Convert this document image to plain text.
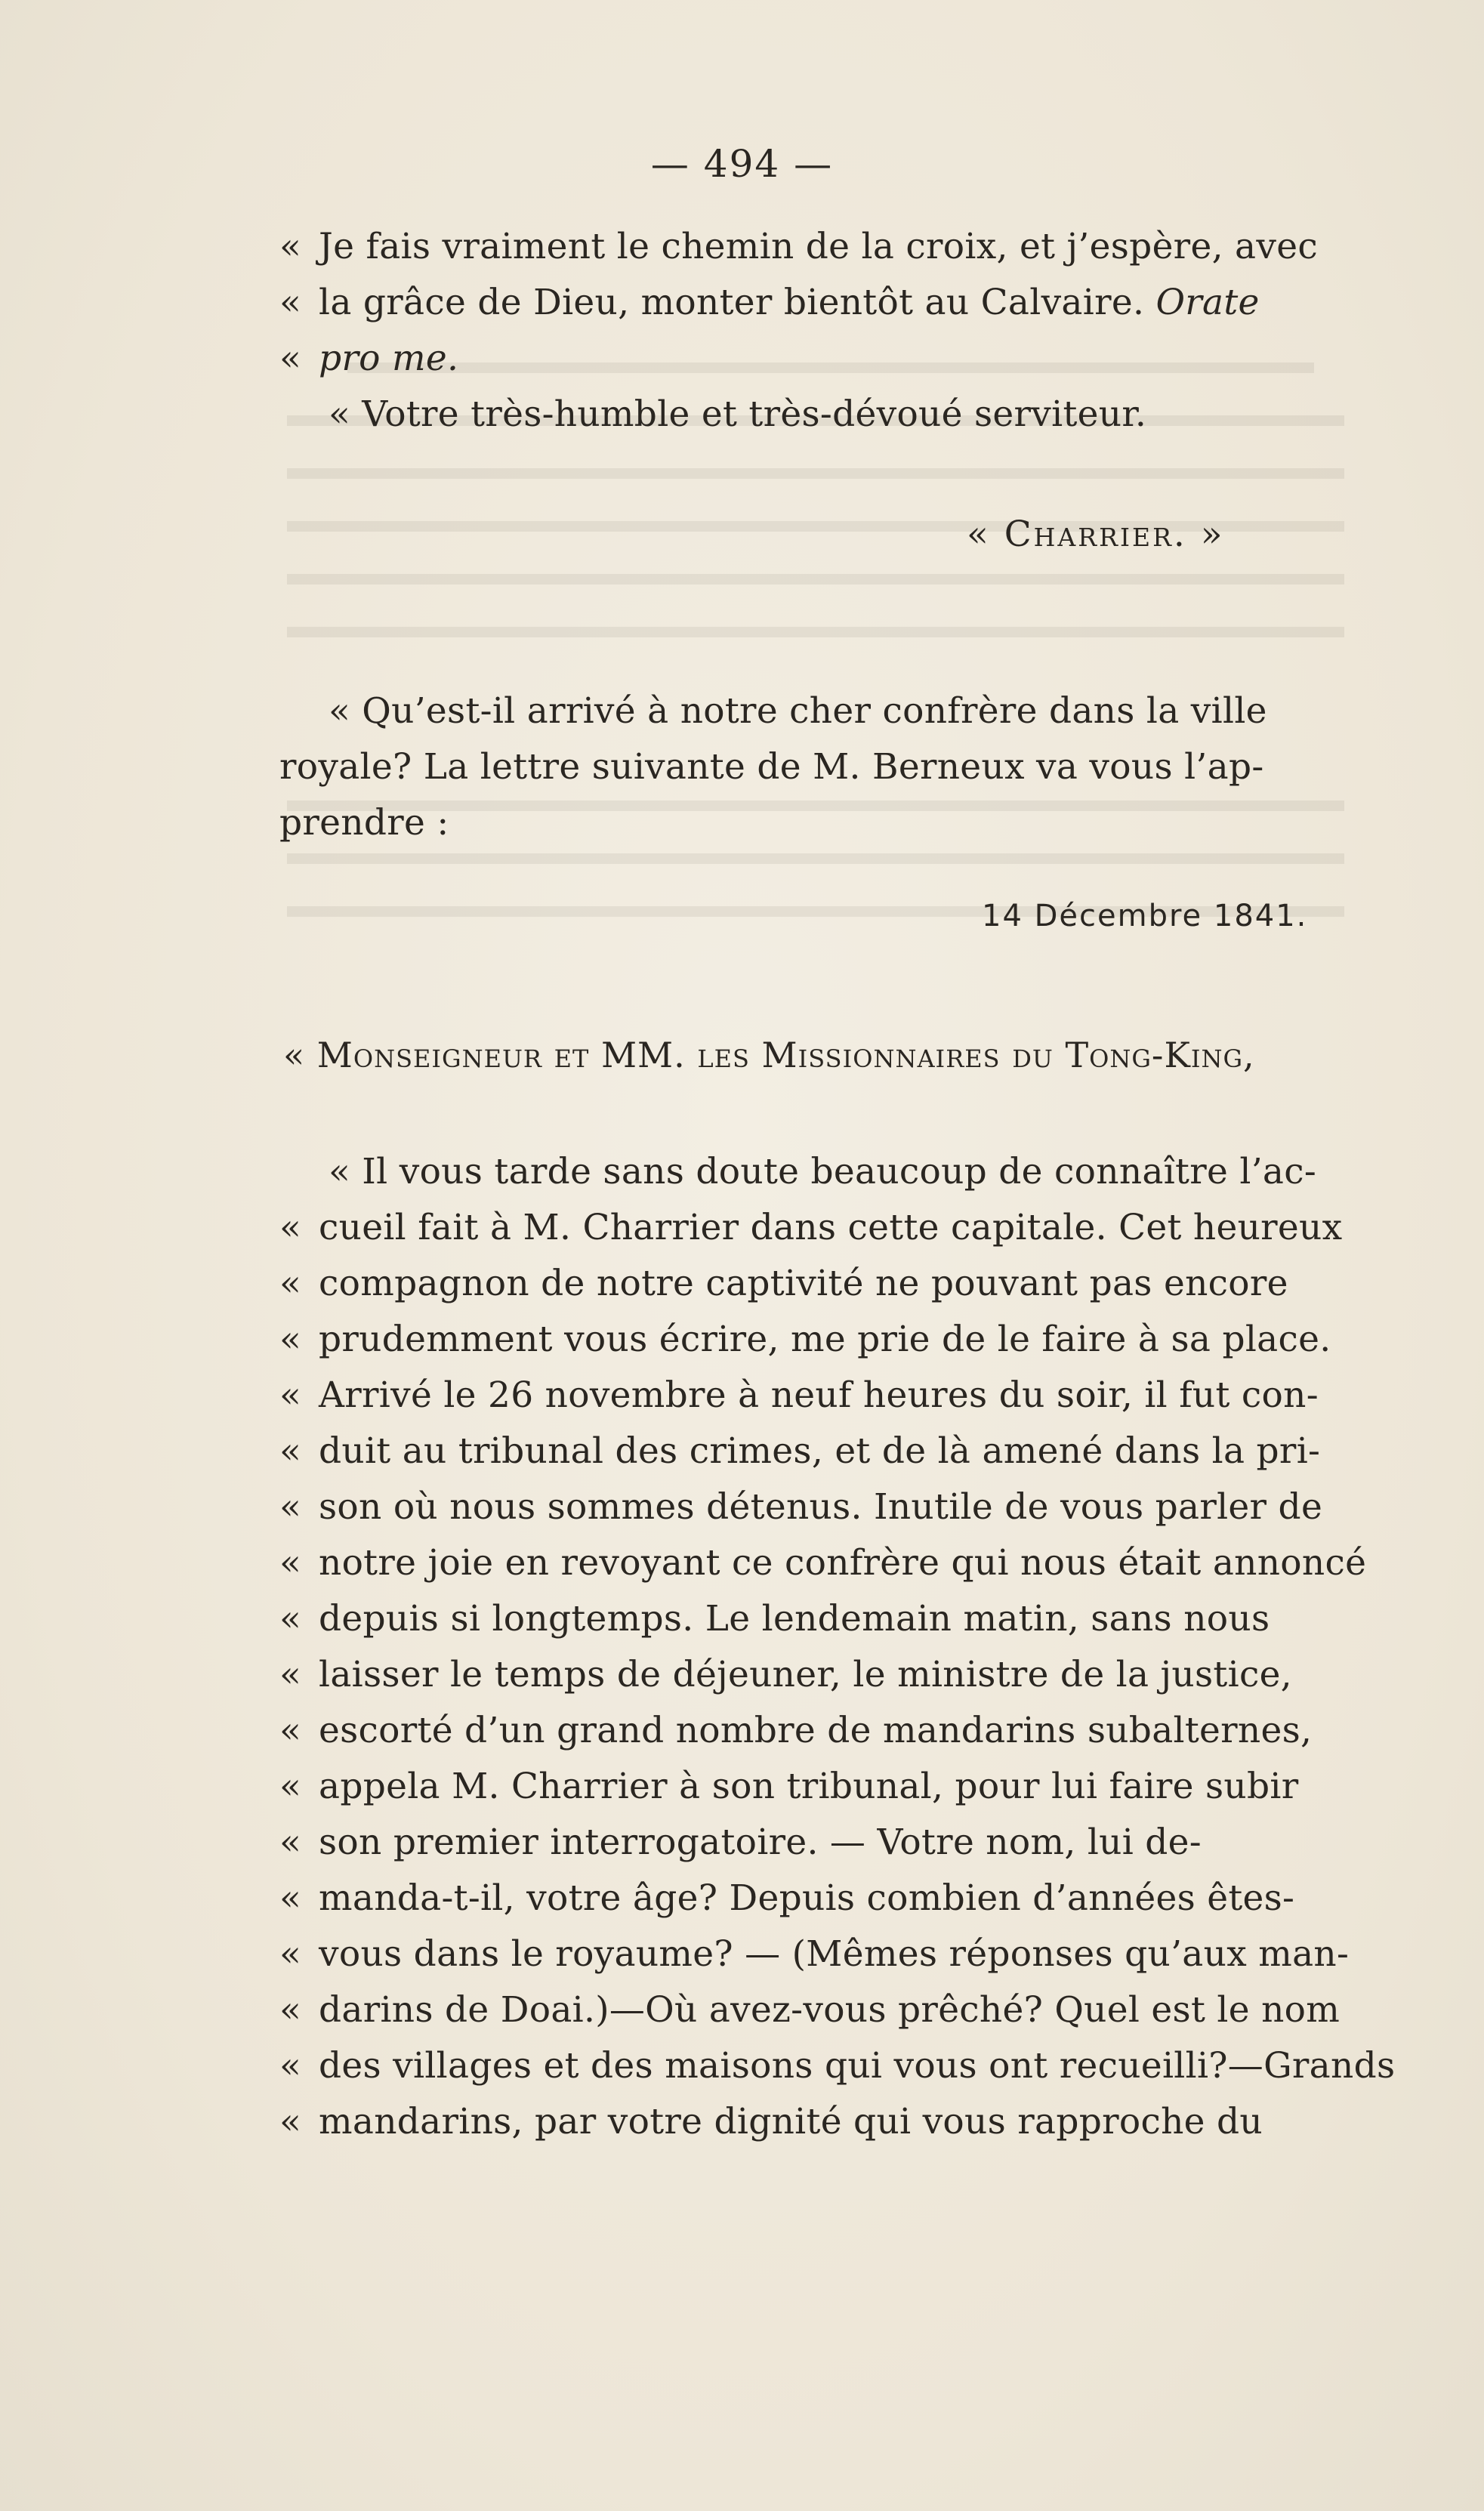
— 494 —
« Je fais vraiment le chemin de la croix, et j’espère, avec
« la grâce de Dieu, monter bientôt au Calvaire. Orate
« pro me.
« Votre très-humble et très-dévoué serviteur.
« Charrier. »
« Qu’est-il arrivé à notre cher confrère dans la ville
royale? La lettre suivante de M. Berneux va vous l’ap-
prendre :
14 Décembre 1841.
« Monseigneur et MM. les Missionnaires du Tong-King,
« Il vous tarde sans doute beaucoup de connaître l’ac-
« cueil fait à M. Charrier dans cette capitale. Cet heureux
« compagnon de notre captivité ne pouvant pas encore
« prudemment vous écrire, me prie de le faire à sa place.
« Arrivé le 26 novembre à neuf heures du soir, il fut con-
« duit au tribunal des crimes, et de là amené dans la pri-
« son où nous sommes détenus. Inutile de vous parler de
« notre joie en revoyant ce confrère qui nous était annoncé
« depuis si longtemps. Le lendemain matin, sans nous
« laisser le temps de déjeuner, le ministre de la justice,
« escorté d’un grand nombre de mandarins subalternes,
« appela M. Charrier à son tribunal, pour lui faire subir
« son premier interrogatoire. — Votre nom, lui de-
« manda-t-il, votre âge? Depuis combien d’années êtes-
« vous dans le royaume? — (Mêmes réponses qu’aux man-
« darins de Doai.)—Où avez-vous prêché? Quel est le nom
« des villages et des maisons qui vous ont recueilli?—Grands
« mandarins, par votre dignité qui vous rapproche du
